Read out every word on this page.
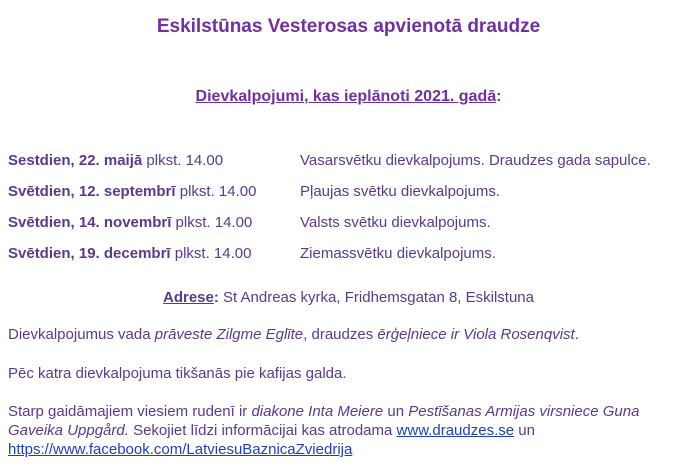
Eskilstūnas Vesterosas apvienotā draudze
Dievkalpojumi, kas ieplānoti 2021. gadā:
Sestdien, 22. maijā plkst. 14.00	Vasarsvētku dievkalpojums. Draudzes gada sapulce.
Svētdien, 12. septembrī plkst. 14.00	Pļaujas svētku dievkalpojums.
Svētdien, 14. novembrī plkst. 14.00	Valsts svētku dievkalpojums.
Svētdien, 19. decembrī plkst. 14.00	Ziemassvētku dievkalpojums.
Adrese: St Andreas kyrka, Fridhemsgatan 8, Eskilstuna
Dievkalpojumus vada prāveste Zilgme Eglīte, draudzes ērģeļniece ir Viola Rosenqvist.
Pēc katra dievkalpojuma tikšanās pie kafijas galda.
Starp gaidāmajiem viesiem rudenī ir diakone Inta Meiere un Pestīšanas Armijas virsniece Guna Gaveika Uppgård. Sekojiet līdzi informācijai kas atrodama www.draudzes.se un
https://www.facebook.com/LatviesuBaznicaZviedrija
